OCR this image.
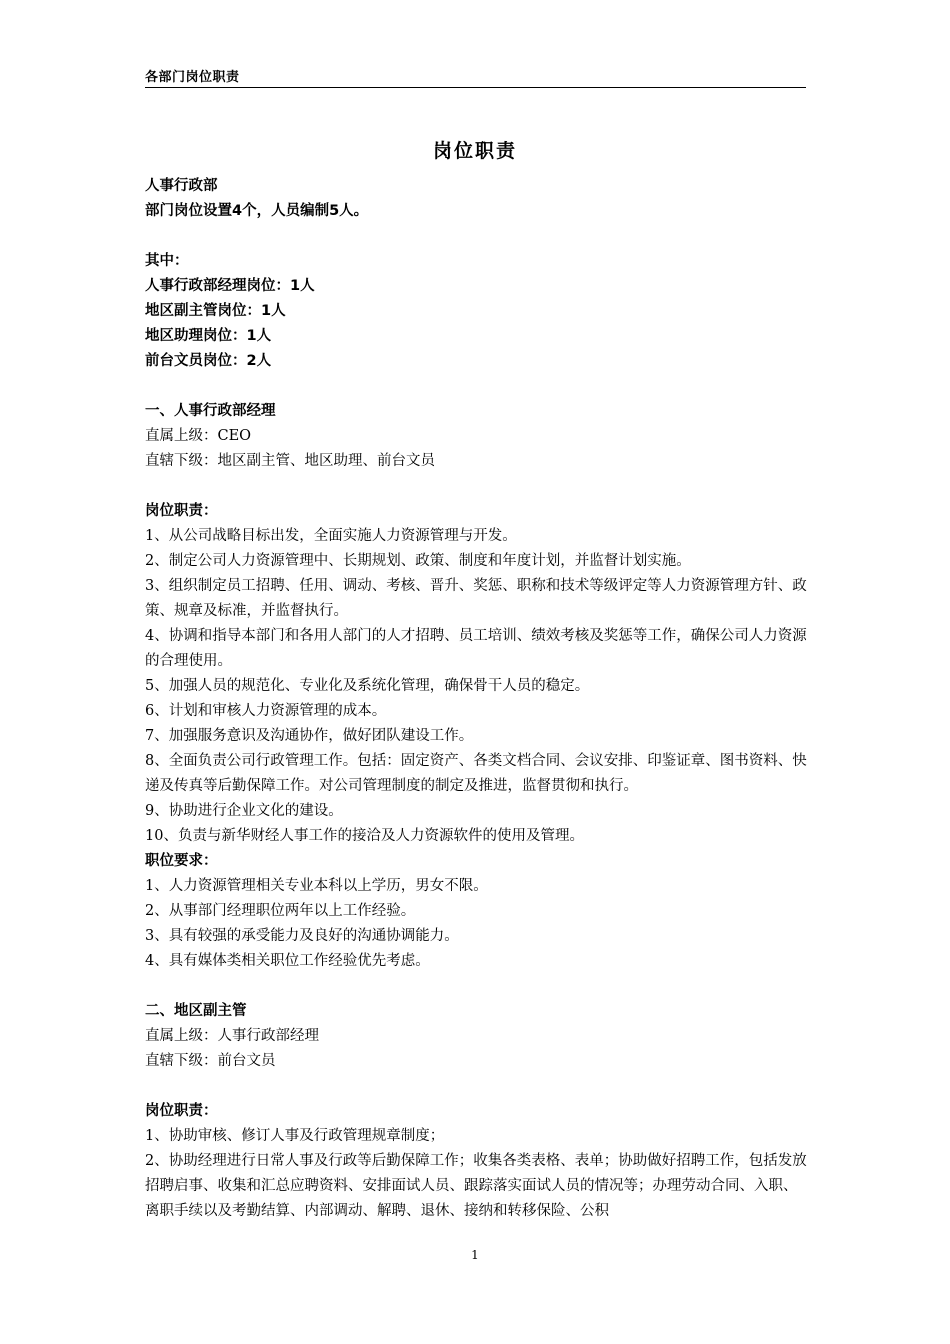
各部门岗位职责
岗位职责
人事行政部
部门岗位设置4个，人员编制5人。
其中：
人事行政部经理岗位：1人
地区副主管岗位：1人
地区助理岗位：1人
前台文员岗位：2人
一、人事行政部经理
直属上级：CEO
直辖下级：地区副主管、地区助理、前台文员
岗位职责：
1、从公司战略目标出发，全面实施人力资源管理与开发。
2、制定公司人力资源管理中、长期规划、政策、制度和年度计划，并监督计划实施。
3、组织制定员工招聘、任用、调动、考核、晋升、奖惩、职称和技术等级评定等人力资源管理方针、政策、规章及标准，并监督执行。
4、协调和指导本部门和各用人部门的人才招聘、员工培训、绩效考核及奖惩等工作，确保公司人力资源的合理使用。
5、加强人员的规范化、专业化及系统化管理，确保骨干人员的稳定。
6、计划和审核人力资源管理的成本。
7、加强服务意识及沟通协作，做好团队建设工作。
8、全面负责公司行政管理工作。包括：固定资产、各类文档合同、会议安排、印鉴证章、图书资料、快递及传真等后勤保障工作。对公司管理制度的制定及推进，监督贯彻和执行。
9、协助进行企业文化的建设。
10、负责与新华财经人事工作的接洽及人力资源软件的使用及管理。
职位要求：
1、人力资源管理相关专业本科以上学历，男女不限。
2、从事部门经理职位两年以上工作经验。
3、具有较强的承受能力及良好的沟通协调能力。
4、具有媒体类相关职位工作经验优先考虑。
二、地区副主管
直属上级：人事行政部经理
直辖下级：前台文员
岗位职责：
1、协助审核、修订人事及行政管理规章制度；
2、协助经理进行日常人事及行政等后勤保障工作；收集各类表格、表单；协助做好招聘工作，包括发放招聘启事、收集和汇总应聘资料、安排面试人员、跟踪落实面试人员的情况等；办理劳动合同、入职、离职手续以及考勤结算、内部调动、解聘、退休、接纳和转移保险、公积
1
